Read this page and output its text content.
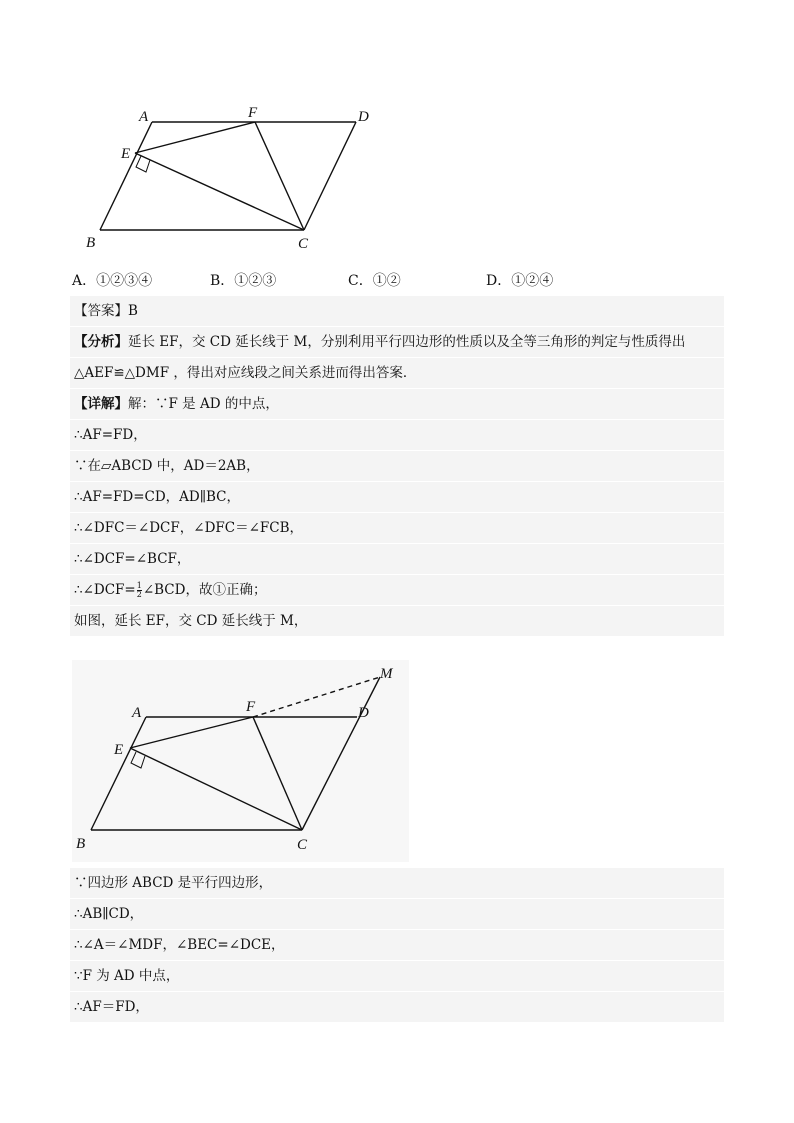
A	F	D
E
B	C
A．①②③④	B．①②③	C．①②	D．①②④
【答案】B
【分析】延长 EF，交 CD 延长线于 M，分别利用平行四边形的性质以及全等三角形的判定与性质得出
△AEF≌△DMF ，得出对应线段之间关系进而得出答案．
【详解】解：∵F 是 AD 的中点，
∴AF=FD，
∵在▱ABCD 中，AD＝2AB，
∴AF=FD=CD，AD∥BC，
∴∠DFC＝∠DCF，∠DFC＝∠FCB，
∴∠DCF=∠BCF，
∴∠DCF= $\frac{1}{2}$ ∠BCD，故①正确；
如图，延长 EF，交 CD 延长线于 M，
M
A	F	D
E
B	C
∵四边形 ABCD 是平行四边形，
∴AB∥CD，
∴∠A＝∠MDF，∠BEC=∠DCE，
∵F 为 AD 中点，
∴AF＝FD，
